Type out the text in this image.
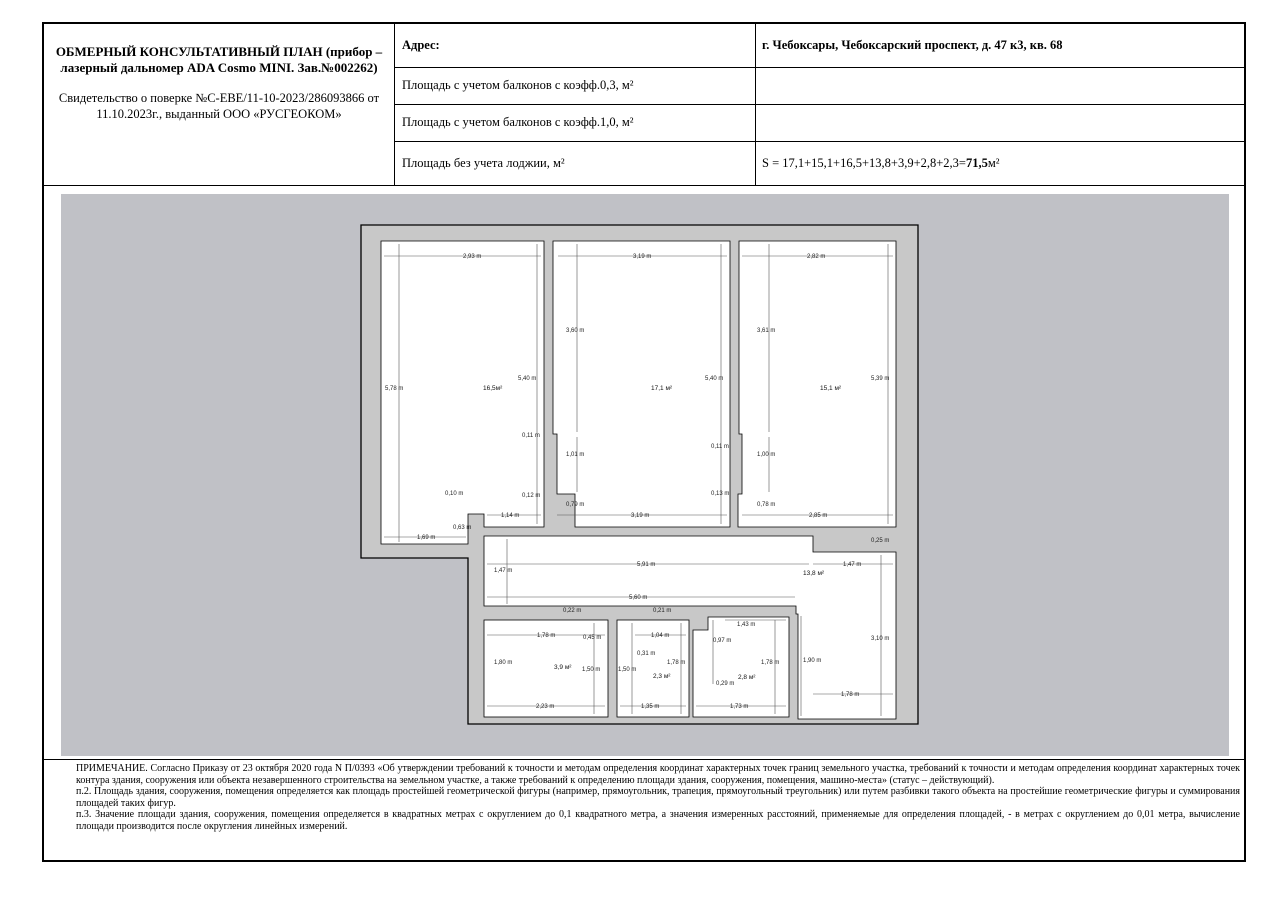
ОБМЕРНЫЙ КОНСУЛЬТАТИВНЫЙ ПЛАН (прибор – лазерный дальномер ADA Cosmo MINI. Зав.№002262)
Свидетельство о поверке №С-ЕВЕ/11-10-2023/286093866 от 11.10.2023г., выданный ООО «РУСГЕОКОМ»
Адрес:	г. Чебоксары, Чебоксарский проспект, д. 47 к3, кв. 68
Площадь с учетом балконов с коэфф.0,3, м²
Площадь с учетом балконов с коэфф.1,0, м²
Площадь без учета лоджии, м²	S = 17,1+15,1+16,5+13,8+3,9+2,8+2,3= 71,5 м²
2,93 m	3,19 m	2,82 m
5,78 m
5,40 m
3,60 m
5,40 m
3,61 m
5,39 m
0,11 m
1,01 m
0,12 m
0,79 m
3,19 m
0,11 m
1,00 m
0,13 m
0,78 m
2,85 m
0,10 m
1,14 m
1,69 m
0,63 m
0,25 m
1,47 m
5,91 m	1,47 m
5,60 m
0,22 m	0,21 m
1,78 m	0,45 m	1,04 m
1,43 m
0,31 m
0,97 m
1,80 m
1,50 m	1,50 m
1,78 m	1,78 m	1,90 m
3,10 m
0,29 m
2,23 m	1,35 m	1,73 m
1,78 m
16,5м²	17,1 м²	15,1 м²
13,8 м²
3,9 м²
2,3 м²	2,8 м²

ПРИМЕЧАНИЕ. Согласно Приказу от 23 октября 2020 года N П/0393 «Об утверждении требований к точности и методам определения координат характерных точек границ земельного участка, требований к точности и методам определения координат характерных точек контура здания, сооружения или объекта незавершенного строительства на земельном участке, а также требований к определению площади здания, сооружения, помещения, машино-места» (статус – действующий).

п.2. Площадь здания, сооружения, помещения определяется как площадь простейшей геометрической фигуры (например, прямоугольник, трапеция, прямоугольный треугольник) или путем разбивки такого объекта на простейшие геометрические фигуры и суммирования площадей таких фигур.

п.3. Значение площади здания, сооружения, помещения определяется в квадратных метрах с округлением до 0,1 квадратного метра, а значения измеренных расстояний, применяемые для определения площадей, - в метрах с округлением до 0,01 метра, вычисление площади производится после округления линейных измерений.
